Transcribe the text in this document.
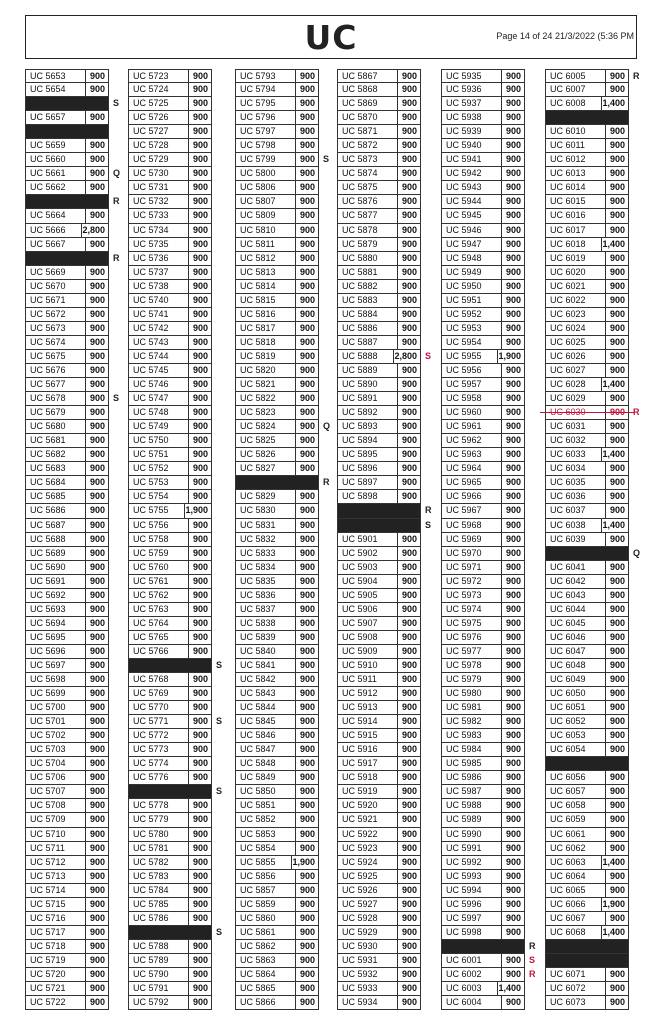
UC	Page 14 of 24 21/3/2022 (5:36 PM
UC 5653	900
UC 5654	900
S
UC 5657	900
UC 5659	900
UC 5660	900
UC 5661	900 Q
UC 5662	900
R
UC 5664	900
UC 5666	2,800
UC 5667	900
R
UC 5669	900
UC 5670	900
UC 5671	900
UC 5672	900
UC 5673	900
UC 5674	900
UC 5675	900
UC 5676	900
UC 5677	900
UC 5678	900 S
UC 5679	900
UC 5680	900
UC 5681	900
UC 5682	900
UC 5683	900
UC 5684	900
UC 5685	900
UC 5686	900
UC 5687	900
UC 5688	900
UC 5689	900
UC 5690	900
UC 5691	900
UC 5692	900
UC 5693	900
UC 5694	900
UC 5695	900
UC 5696	900
UC 5697	900
UC 5698	900
UC 5699	900
UC 5700	900
UC 5701	900
UC 5702	900
UC 5703	900
UC 5704	900
UC 5706	900
UC 5707	900
UC 5708	900
UC 5709	900
UC 5710	900
UC 5711	900
UC 5712	900
UC 5713	900
UC 5714	900
UC 5715	900
UC 5716	900
UC 5717	900
UC 5718	900
UC 5719	900
UC 5720	900
UC 5721	900
UC 5722	900
UC 5723	900
UC 5724	900
UC 5725	900
UC 5726	900
UC 5727	900
UC 5728	900
UC 5729	900
UC 5730	900
UC 5731	900
UC 5732	900
UC 5733	900
UC 5734	900
UC 5735	900
UC 5736	900
UC 5737	900
UC 5738	900
UC 5740	900
UC 5741	900
UC 5742	900
UC 5743	900
UC 5744	900
UC 5745	900
UC 5746	900
UC 5747	900
UC 5748	900
UC 5749	900
UC 5750	900
UC 5751	900
UC 5752	900
UC 5753	900
UC 5754	900
UC 5755	1,900
UC 5756	900
UC 5758	900
UC 5759	900
UC 5760	900
UC 5761	900
UC 5762	900
UC 5763	900
UC 5764	900
UC 5765	900
UC 5766	900
S
UC 5768	900
UC 5769	900
UC 5770	900
UC 5771	900 S
UC 5772	900
UC 5773	900
UC 5774	900
UC 5776	900
S
UC 5778	900
UC 5779	900
UC 5780	900
UC 5781	900
UC 5782	900
UC 5783	900
UC 5784	900
UC 5785	900
UC 5786	900
S
UC 5788	900
UC 5789	900
UC 5790	900
UC 5791	900
UC 5792	900
UC 5793	900
UC 5794	900
UC 5795	900
UC 5796	900
UC 5797	900
UC 5798	900
UC 5799	900 S
UC 5800	900
UC 5806	900
UC 5807	900
UC 5809	900
UC 5810	900
UC 5811	900
UC 5812	900
UC 5813	900
UC 5814	900
UC 5815	900
UC 5816	900
UC 5817	900
UC 5818	900
UC 5819	900
UC 5820	900
UC 5821	900
UC 5822	900
UC 5823	900
UC 5824	900 Q
UC 5825	900
UC 5826	900
UC 5827	900
R
UC 5829	900
UC 5830	900
UC 5831	900
UC 5832	900
UC 5833	900
UC 5834	900
UC 5835	900
UC 5836	900
UC 5837	900
UC 5838	900
UC 5839	900
UC 5840	900
UC 5841	900
UC 5842	900
UC 5843	900
UC 5844	900
UC 5845	900
UC 5846	900
UC 5847	900
UC 5848	900
UC 5849	900
UC 5850	900
UC 5851	900
UC 5852	900
UC 5853	900
UC 5854	900
UC 5855	1,900
UC 5856	900
UC 5857	900
UC 5859	900
UC 5860	900
UC 5861	900
UC 5862	900
UC 5863	900
UC 5864	900
UC 5865	900
UC 5866	900
UC 5867	900
UC 5868	900
UC 5869	900
UC 5870	900
UC 5871	900
UC 5872	900
UC 5873	900
UC 5874	900
UC 5875	900
UC 5876	900
UC 5877	900
UC 5878	900
UC 5879	900
UC 5880	900
UC 5881	900
UC 5882	900
UC 5883	900
UC 5884	900
UC 5886	900
UC 5887	900
UC 5888	2,800 S
UC 5889	900
UC 5890	900
UC 5891	900
UC 5892	900
UC 5893	900
UC 5894	900
UC 5895	900
UC 5896	900
UC 5897	900
UC 5898	900
R
S
UC 5901	900
UC 5902	900
UC 5903	900
UC 5904	900
UC 5905	900
UC 5906	900
UC 5907	900
UC 5908	900
UC 5909	900
UC 5910	900
UC 5911	900
UC 5912	900
UC 5913	900
UC 5914	900
UC 5915	900
UC 5916	900
UC 5917	900
UC 5918	900
UC 5919	900
UC 5920	900
UC 5921	900
UC 5922	900
UC 5923	900
UC 5924	900
UC 5925	900
UC 5926	900
UC 5927	900
UC 5928	900
UC 5929	900
UC 5930	900
UC 5931	900
UC 5932	900
UC 5933	900
UC 5934	900
UC 5935	900
UC 5936	900
UC 5937	900
UC 5938	900
UC 5939	900
UC 5940	900
UC 5941	900
UC 5942	900
UC 5943	900
UC 5944	900
UC 5945	900
UC 5946	900
UC 5947	900
UC 5948	900
UC 5949	900
UC 5950	900
UC 5951	900
UC 5952	900
UC 5953	900
UC 5954	900
UC 5955	1,900
UC 5956	900
UC 5957	900
UC 5958	900
UC 5960	900
UC 5961	900
UC 5962	900
UC 5963	900
UC 5964	900
UC 5965	900
UC 5966	900
UC 5967	900
UC 5968	900
UC 5969	900
UC 5970	900
UC 5971	900
UC 5972	900
UC 5973	900
UC 5974	900
UC 5975	900
UC 5976	900
UC 5977	900
UC 5978	900
UC 5979	900
UC 5980	900
UC 5981	900
UC 5982	900
UC 5983	900
UC 5984	900
UC 5985	900
UC 5986	900
UC 5987	900
UC 5988	900
UC 5989	900
UC 5990	900
UC 5991	900
UC 5992	900
UC 5993	900
UC 5994	900
UC 5996	900
UC 5997	900
UC 5998	900
R
UC 6001	900 S
UC 6002	900 R
UC 6003	1,400
UC 6004	900
UC 6005	900 R
UC 6007	900
UC 6008	1,400
UC 6010	900
UC 6011	900
UC 6012	900
UC 6013	900
UC 6014	900
UC 6015	900
UC 6016	900
UC 6017	900
UC 6018	1,400
UC 6019	900
UC 6020	900
UC 6021	900
UC 6022	900
UC 6023	900
UC 6024	900
UC 6025	900
UC 6026	900
UC 6027	900
UC 6028	1,400
UC 6029	900
UC 6030	900 R
UC 6031	900
UC 6032	900
UC 6033	1,400
UC 6034	900
UC 6035	900
UC 6036	900
UC 6037	900
UC 6038	1,400
UC 6039	900
Q
UC 6041	900
UC 6042	900
UC 6043	900
UC 6044	900
UC 6045	900
UC 6046	900
UC 6047	900
UC 6048	900
UC 6049	900
UC 6050	900
UC 6051	900
UC 6052	900
UC 6053	900
UC 6054	900
UC 6056	900
UC 6057	900
UC 6058	900
UC 6059	900
UC 6061	900
UC 6062	900
UC 6063	1,400
UC 6064	900
UC 6065	900
UC 6066	1,900
UC 6067	900
UC 6068	1,400
UC 6071	900
UC 6072	900
UC 6073	900
